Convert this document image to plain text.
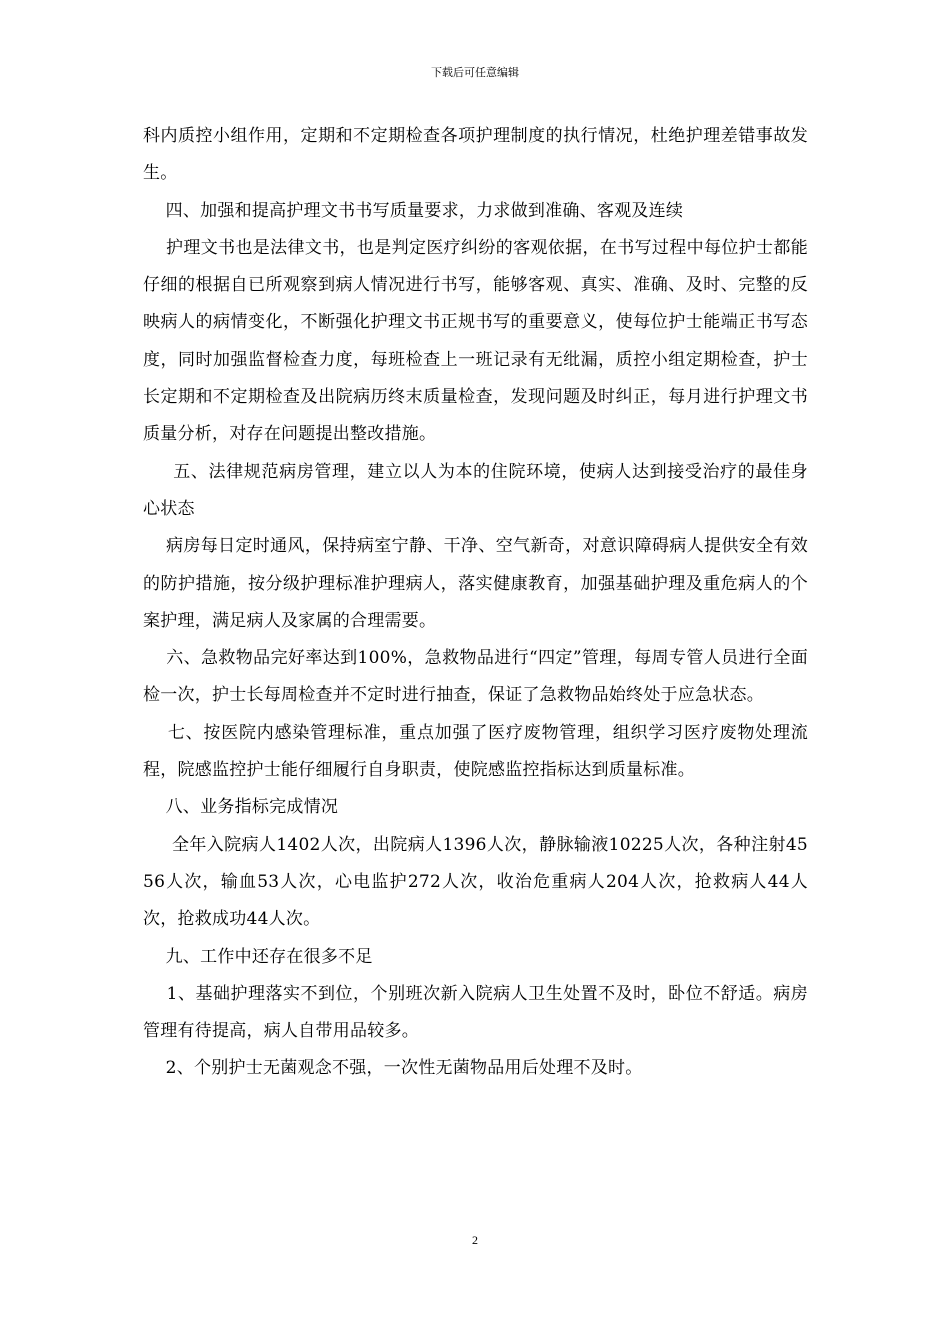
下载后可任意编辑

科内质控小组作用，定期和不定期检查各项护理制度的执行情况，杜绝护理差错事故发生。

四、加强和提高护理文书书写质量要求，力求做到准确、客观及连续

护理文书也是法律文书，也是判定医疗纠纷的客观依据，在书写过程中每位护士都能仔细的根据自已所观察到病人情况进行书写，能够客观、真实、准确、及时、完整的反映病人的病情变化，不断强化护理文书正规书写的重要意义，使每位护士能端正书写态度，同时加强监督检查力度，每班检查上一班记录有无纰漏，质控小组定期检查，护士长定期和不定期检查及出院病历终末质量检查，发现问题及时纠正，每月进行护理文书质量分析，对存在问题提出整改措施。

五、法律规范病房管理，建立以人为本的住院环境，使病人达到接受治疗的最佳身心状态

病房每日定时通风，保持病室宁静、干净、空气新奇，对意识障碍病人提供安全有效的防护措施，按分级护理标准护理病人，落实健康教育，加强基础护理及重危病人的个案护理，满足病人及家属的合理需要。

六、急救物品完好率达到100%，急救物品进行“四定”管理，每周专管人员进行全面检一次，护士长每周检查并不定时进行抽查，保证了急救物品始终处于应急状态。

七、按医院内感染管理标准，重点加强了医疗废物管理，组织学习医疗废物处理流程，院感监控护士能仔细履行自身职责，使院感监控指标达到质量标准。

八、业务指标完成情况

全年入院病人1402人次，出院病人1396人次，静脉输液10225人次，各种注射4556人次，输血53人次，心电监护272人次，收治危重病人204人次，抢救病人44人次，抢救成功44人次。

九、工作中还存在很多不足

1、基础护理落实不到位，个别班次新入院病人卫生处置不及时，卧位不舒适。病房管理有待提高，病人自带用品较多。

2、个别护士无菌观念不强，一次性无菌物品用后处理不及时。

2
